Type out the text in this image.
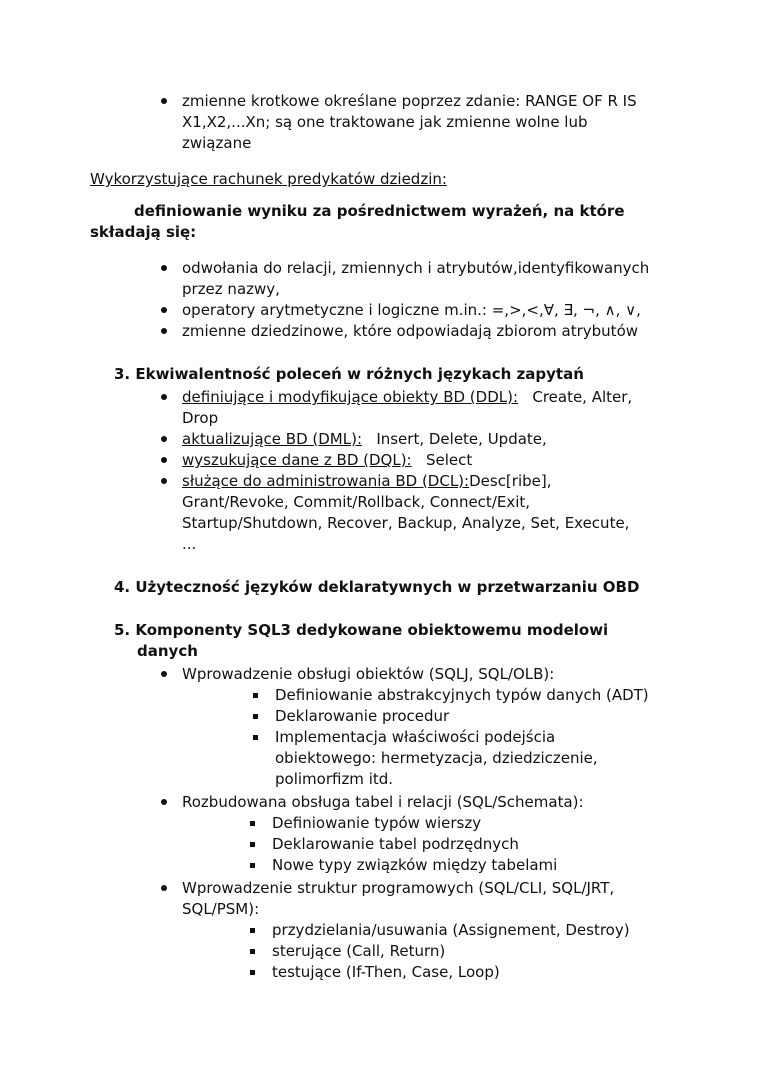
zmienne krotkowe określane poprzez zdanie: RANGE OF R IS
X1,X2,...Xn; są one traktowane jak zmienne wolne lub
związane
Wykorzystujące rachunek predykatów dziedzin:
definiowanie wyniku za pośrednictwem wyrażeń, na które
składają się:
odwołania do relacji, zmiennych i atrybutów,identyfikowanych
przez nazwy,
operatory arytmetyczne i logiczne m.in.: =,>,<,∀, ∃, ¬, ∧, ∨,
zmienne dziedzinowe, które odpowiadają zbiorom atrybutów
3. Ekwiwalentność poleceń w różnych językach zapytań
definiujące i modyfikujące obiekty BD (DDL): Create, Alter,
Drop
aktualizujące BD (DML): Insert, Delete, Update,
wyszukujące dane z BD (DQL): Select
służące do administrowania BD (DCL):Desc[ribe],
Grant/Revoke, Commit/Rollback, Connect/Exit,
Startup/Shutdown, Recover, Backup, Analyze, Set, Execute,
...
4. Użyteczność języków deklaratywnych w przetwarzaniu OBD
5. Komponenty SQL3 dedykowane obiektowemu modelowi
danych
Wprowadzenie obsługi obiektów (SQLJ, SQL/OLB):
Definiowanie abstrakcyjnych typów danych (ADT)
Deklarowanie procedur
Implementacja właściwości podejścia
obiektowego: hermetyzacja, dziedziczenie,
polimorfizm itd.
Rozbudowana obsługa tabel i relacji (SQL/Schemata):
Definiowanie typów wierszy
Deklarowanie tabel podrzędnych
Nowe typy związków między tabelami
Wprowadzenie struktur programowych (SQL/CLI, SQL/JRT,
SQL/PSM):
przydzielania/usuwania (Assignement, Destroy)
sterujące (Call, Return)
testujące (If-Then, Case, Loop)
